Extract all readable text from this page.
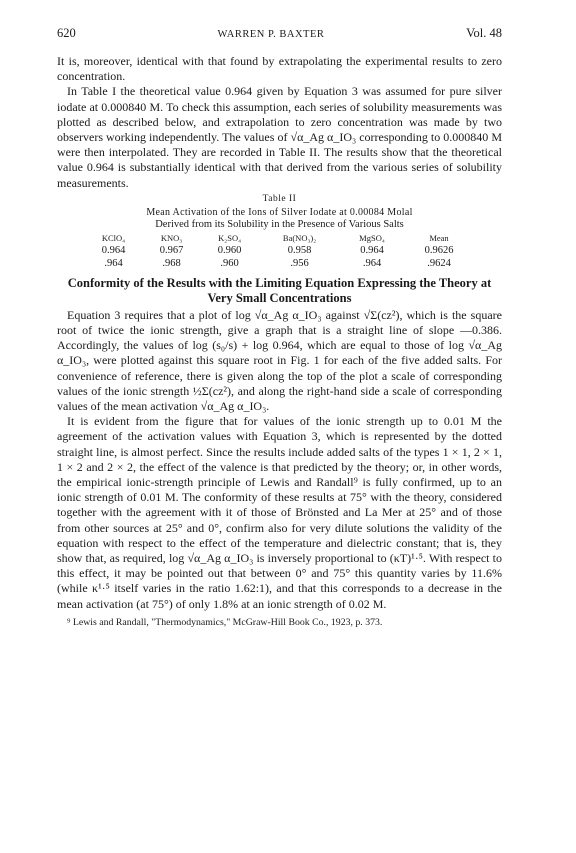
620	WARREN P. BAXTER	Vol. 48

It is, moreover, identical with that found by extrapolating the experimental results to zero concentration.

In Table I the theoretical value 0.964 given by Equation 3 was assumed for pure silver iodate at 0.000840 M. To check this assumption, each series of solubility measurements was plotted as described below, and extrapolation to zero concentration was made by two observers working independently. The values of √α_Ag α_IO₃ corresponding to 0.000840 M were then interpolated. They are recorded in Table II. The results show that the theoretical value 0.964 is substantially identical with that derived from the various series of solubility measurements.

Table II
Mean Activation of the Ions of Silver Iodate at 0.00084 Molal
Derived from its Solubility in the Presence of Various Salts
KClO₄	KNO₃	K₂SO₄	Ba(NO₃)₂	MgSO₄	Mean
0.964	0.967	0.960	0.958	0.964	0.9626
.964	.968	.960	.956	.964	.9624
Conformity of the Results with the Limiting Equation Expressing the Theory at Very Small Concentrations

Equation 3 requires that a plot of log √α_Ag α_IO₃ against √Σ(cz²), which is the square root of twice the ionic strength, give a graph that is a straight line of slope —0.386. Accordingly, the values of log (s₀/s) + log 0.964, which are equal to those of log √α_Ag α_IO₃, were plotted against this square root in Fig. 1 for each of the five added salts. For convenience of reference, there is given along the top of the plot a scale of corresponding values of the ionic strength ½Σ(cz²), and along the right-hand side a scale of corresponding values of the mean activation √α_Ag α_IO₃.

It is evident from the figure that for values of the ionic strength up to 0.01 M the agreement of the activation values with Equation 3, which is represented by the dotted straight line, is almost perfect. Since the results include added salts of the types 1 × 1, 2 × 1, 1 × 2 and 2 × 2, the effect of the valence is that predicted by the theory; or, in other words, the empirical ionic-strength principle of Lewis and Randall⁹ is fully confirmed, up to an ionic strength of 0.01 M. The conformity of these results at 75° with the theory, considered together with the agreement with it of those of Brönsted and La Mer at 25° and of those from other sources at 25° and 0°, confirm also for very dilute solutions the validity of the equation with respect to the effect of the temperature and dielectric constant; that is, they show that, as required, log √α_Ag α_IO₃ is inversely proportional to (κT)¹·⁵. With respect to this effect, it may be pointed out that between 0° and 75° this quantity varies by 11.6% (while κ¹·⁵ itself varies in the ratio 1.62:1), and that this corresponds to a decrease in the mean activation (at 75°) of only 1.8% at an ionic strength of 0.02 M.

⁹ Lewis and Randall, "Thermodynamics," McGraw-Hill Book Co., 1923, p. 373.
